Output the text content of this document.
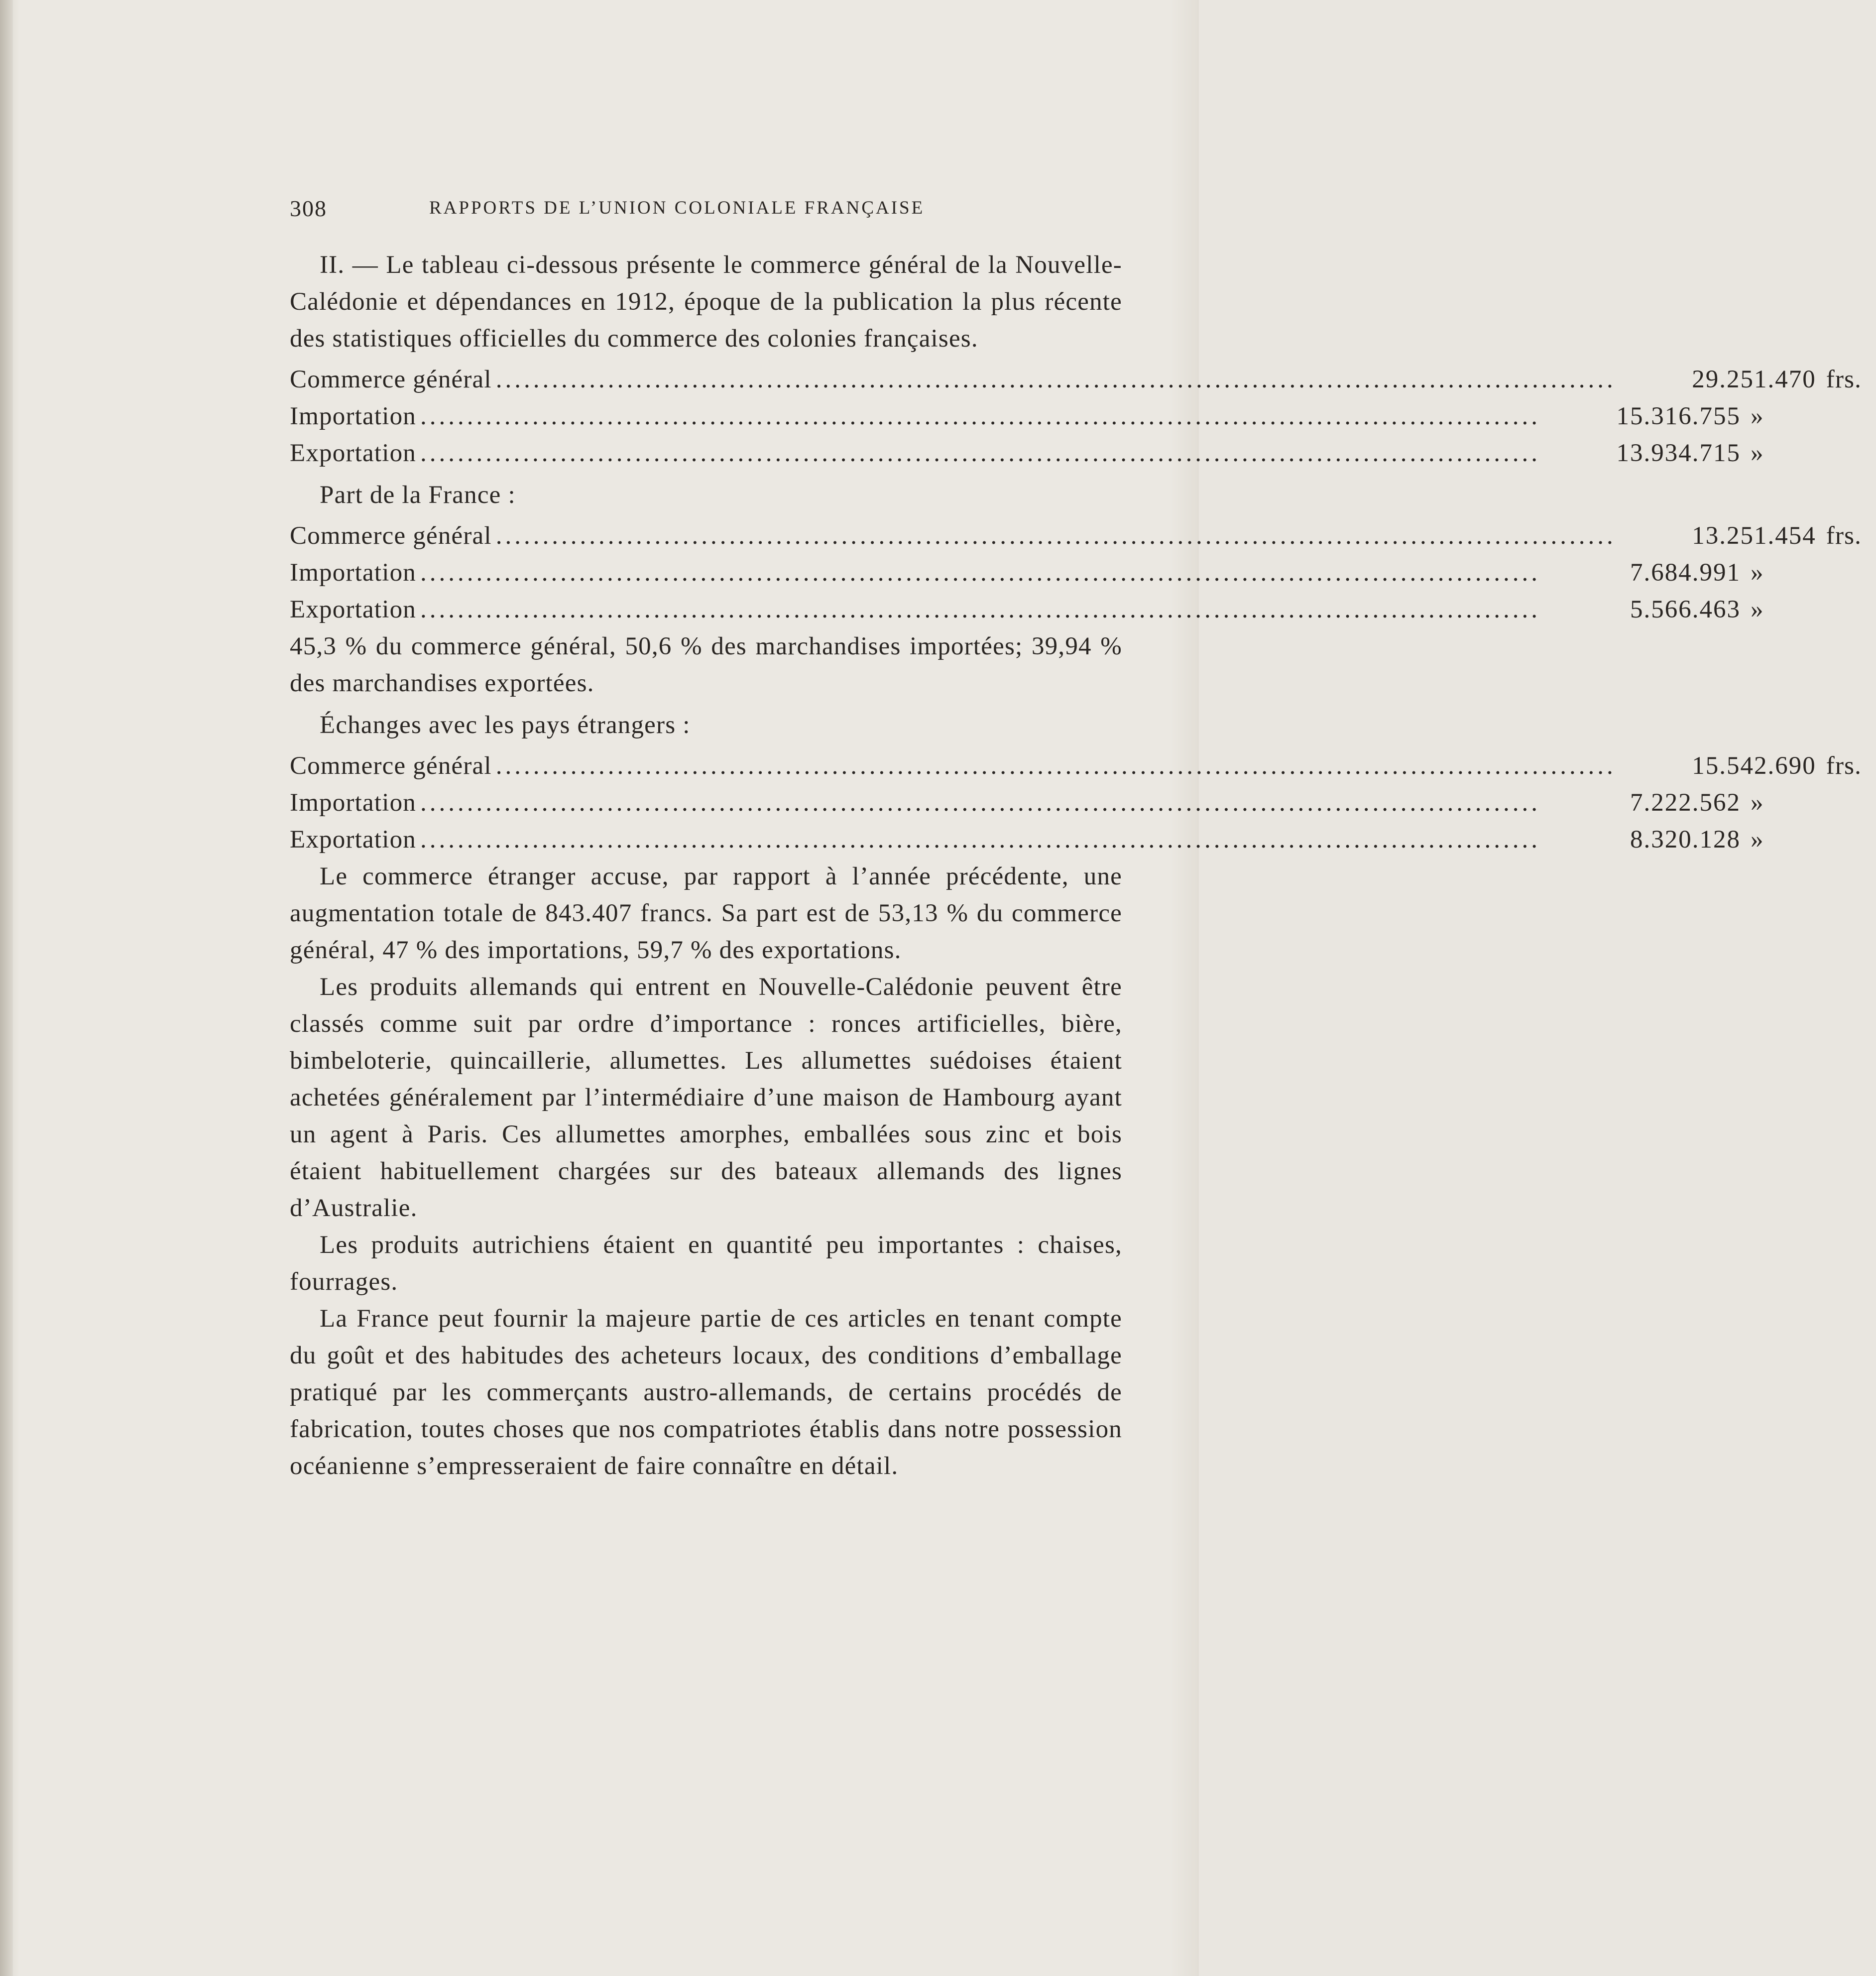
308	RAPPORTS DE L’UNION COLONIALE FRANÇAISE

II. — Le tableau ci-dessous présente le commerce général de la Nouvelle-Calédonie et dépendances en 1912, époque de la publication la plus récente des statistiques officielles du commerce des colonies françaises.

Commerce général ........................................................................................................................	29.251.470 frs.
Importation ........................................................................................................................	15.316.755 »
Exportation ........................................................................................................................	13.934.715 »
Part de la France :
Commerce général ........................................................................................................................	13.251.454 frs.
Importation ........................................................................................................................	7.684.991 »
Exportation ........................................................................................................................	5.566.463 »

45,3 % du commerce général, 50,6 % des marchandises importées; 39,94 % des marchandises exportées.

Échanges avec les pays étrangers :
Commerce général ........................................................................................................................	15.542.690 frs.
Importation ........................................................................................................................	7.222.562 »
Exportation ........................................................................................................................	8.320.128 »

Le commerce étranger accuse, par rapport à l’année précédente, une augmentation totale de 843.407 francs. Sa part est de 53,13 % du commerce général, 47 % des importations, 59,7 % des exportations.

Les produits allemands qui entrent en Nouvelle-Calédonie peuvent être classés comme suit par ordre d’importance : ronces artificielles, bière, bimbeloterie, quincaillerie, allumettes. Les allumettes suédoises étaient achetées généralement par l’intermédiaire d’une maison de Hambourg ayant un agent à Paris. Ces allumettes amorphes, emballées sous zinc et bois étaient habituellement chargées sur des bateaux allemands des lignes d’Australie.

Les produits autrichiens étaient en quantité peu importantes : chaises, fourrages.

La France peut fournir la majeure partie de ces articles en tenant compte du goût et des habitudes des acheteurs locaux, des conditions d’emballage pratiqué par les commerçants austro-allemands, de certains procédés de fabrication, toutes choses que nos compatriotes établis dans notre possession océanienne s’empresseraient de faire connaître en détail.
